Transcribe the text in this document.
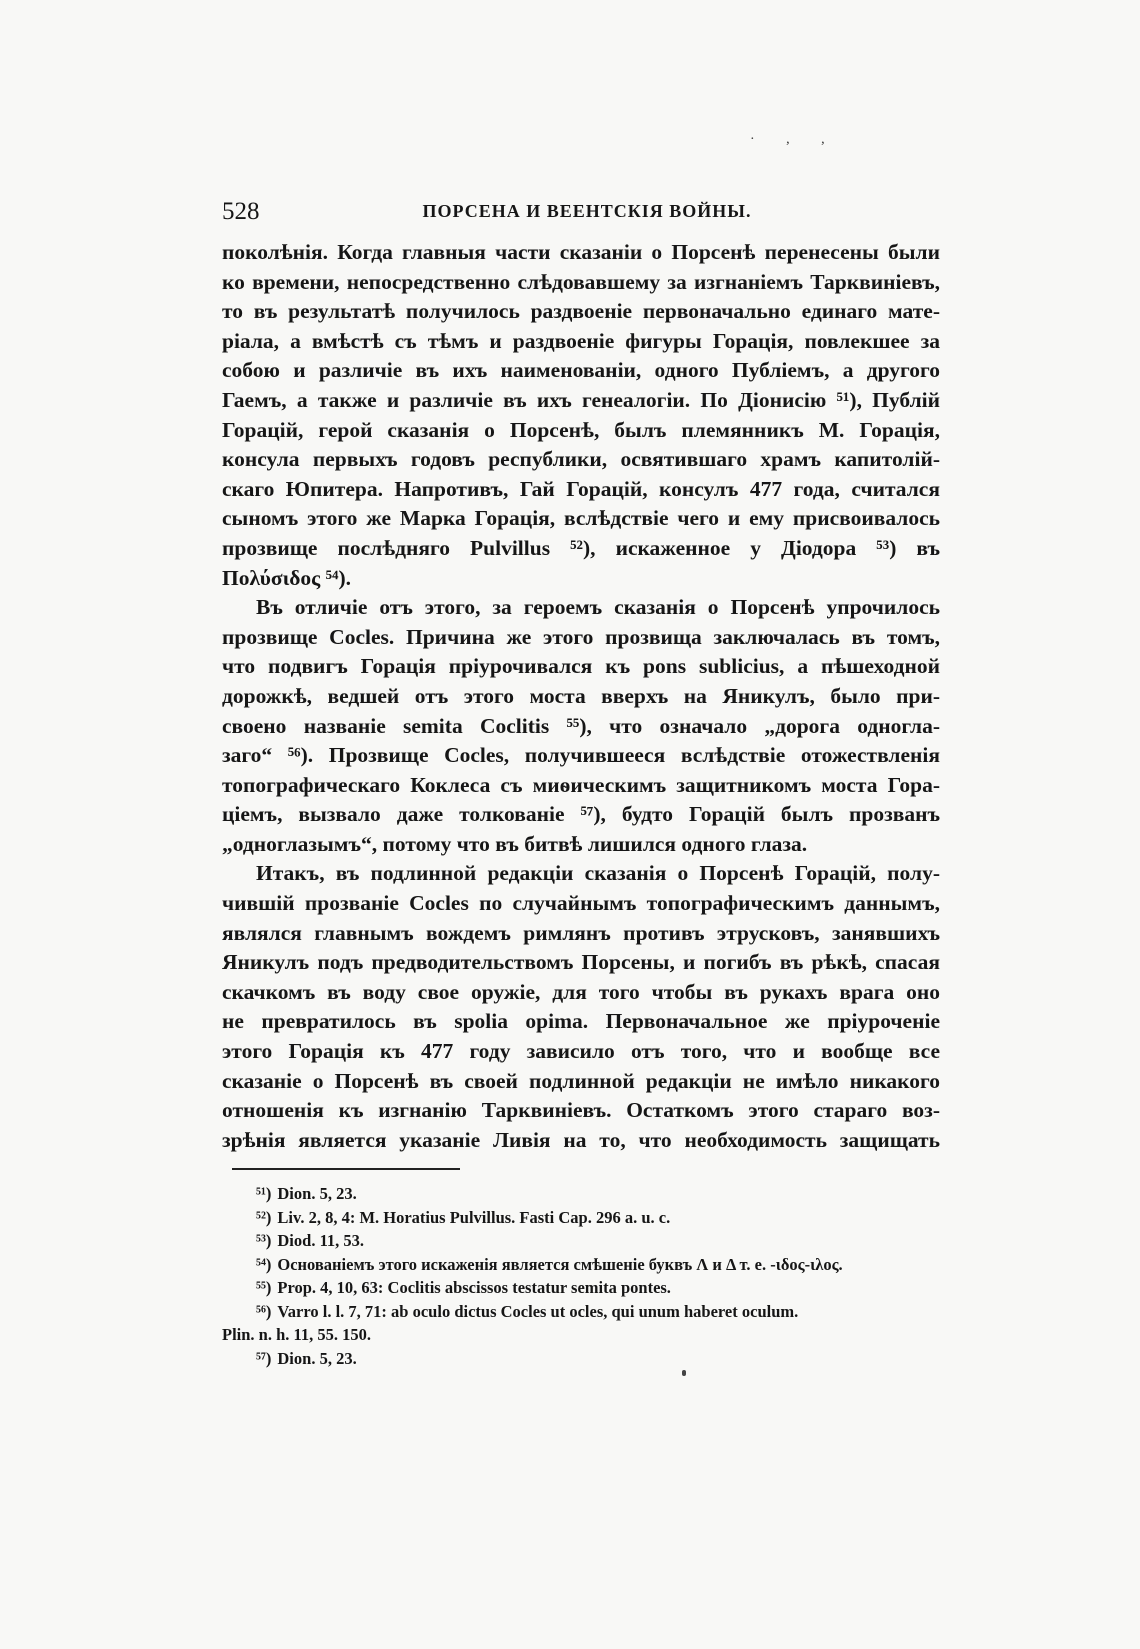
· , ,
528	ПОРСЕНА И ВЕЕНТСКІЯ ВОЙНЫ.
поколѣнія. Когда главныя части сказаніи о Порсенѣ перенесены были
ко времени, непосредственно слѣдовавшему за изгнаніемъ Тарквиніевъ,
то въ результатѣ получилось раздвоеніе первоначально единаго мате-
ріала, а вмѣстѣ съ тѣмъ и раздвоеніе фигуры Горація, повлекшее за
собою и различіе въ ихъ наименованіи, одного Публіемъ, а другого
Гаемъ, а также и различіе въ ихъ генеалогіи. По Діонисію ⁵¹), Публій
Горацій, герой сказанія о Порсенѣ, былъ племянникъ М. Горація,
консула первыхъ годовъ республики, освятившаго храмъ капитолій-
скаго Юпитера. Напротивъ, Гай Горацій, консулъ 477 года, считался
сыномъ этого же Марка Горація, вслѣдствіе чего и ему присвоивалось
прозвище послѣдняго Pulvillus ⁵²), искаженное у Діодора ⁵³) въ
Πολύσιδος ⁵⁴).
Въ отличіе отъ этого, за героемъ сказанія о Порсенѣ упрочилось
прозвище Cocles. Причина же этого прозвища заключалась въ томъ,
что подвигъ Горація пріурочивался къ pons sublicius, а пѣшеходной
дорожкѣ, ведшей отъ этого моста вверхъ на Яникулъ, было при-
своено названіе semita Coclitis ⁵⁵), что означало „дорога одногла-
заго“ ⁵⁶). Прозвище Cocles, получившееся вслѣдствіе отожествленія
топографическаго Коклеса съ миѳическимъ защитникомъ моста Гора-
ціемъ, вызвало даже толкованіе ⁵⁷), будто Горацій былъ прозванъ
„одноглазымъ“, потому что въ битвѣ лишился одного глаза.
Итакъ, въ подлинной редакціи сказанія о Порсенѣ Горацій, полу-
чившій прозваніе Cocles по случайнымъ топографическимъ даннымъ,
являлся главнымъ вождемъ римлянъ противъ этрусковъ, занявшихъ
Яникулъ подъ предводительствомъ Порсены, и погибъ въ рѣкѣ, спасая
скачкомъ въ воду свое оружіе, для того чтобы въ рукахъ врага оно
не превратилось въ spolia opima. Первоначальное же пріуроченіе
этого Горація къ 477 году зависило отъ того, что и вообще все
сказаніе о Порсенѣ въ своей подлинной редакціи не имѣло никакого
отношенія къ изгнанію Тарквиніевъ. Остаткомъ этого стараго воз-
зрѣнія является указаніе Ливія на то, что необходимость защищать
⁵¹) Dion. 5, 23.
⁵²) Liv. 2, 8, 4: M. Horatius Pulvillus. Fasti Cap. 296 a. u. c.
⁵³) Diod. 11, 53.
⁵⁴) Основаніемъ этого искаженія является смѣшеніе буквъ Λ и Δ т. е. -ιδος-ιλος.
⁵⁵) Prop. 4, 10, 63: Coclitis abscissos testatur semita pontes.
⁵⁶) Varro l. l. 7, 71: ab oculo dictus Cocles ut ocles, qui unum haberet oculum.
Plin. n. h. 11, 55. 150.
⁵⁷) Dion. 5, 23.
